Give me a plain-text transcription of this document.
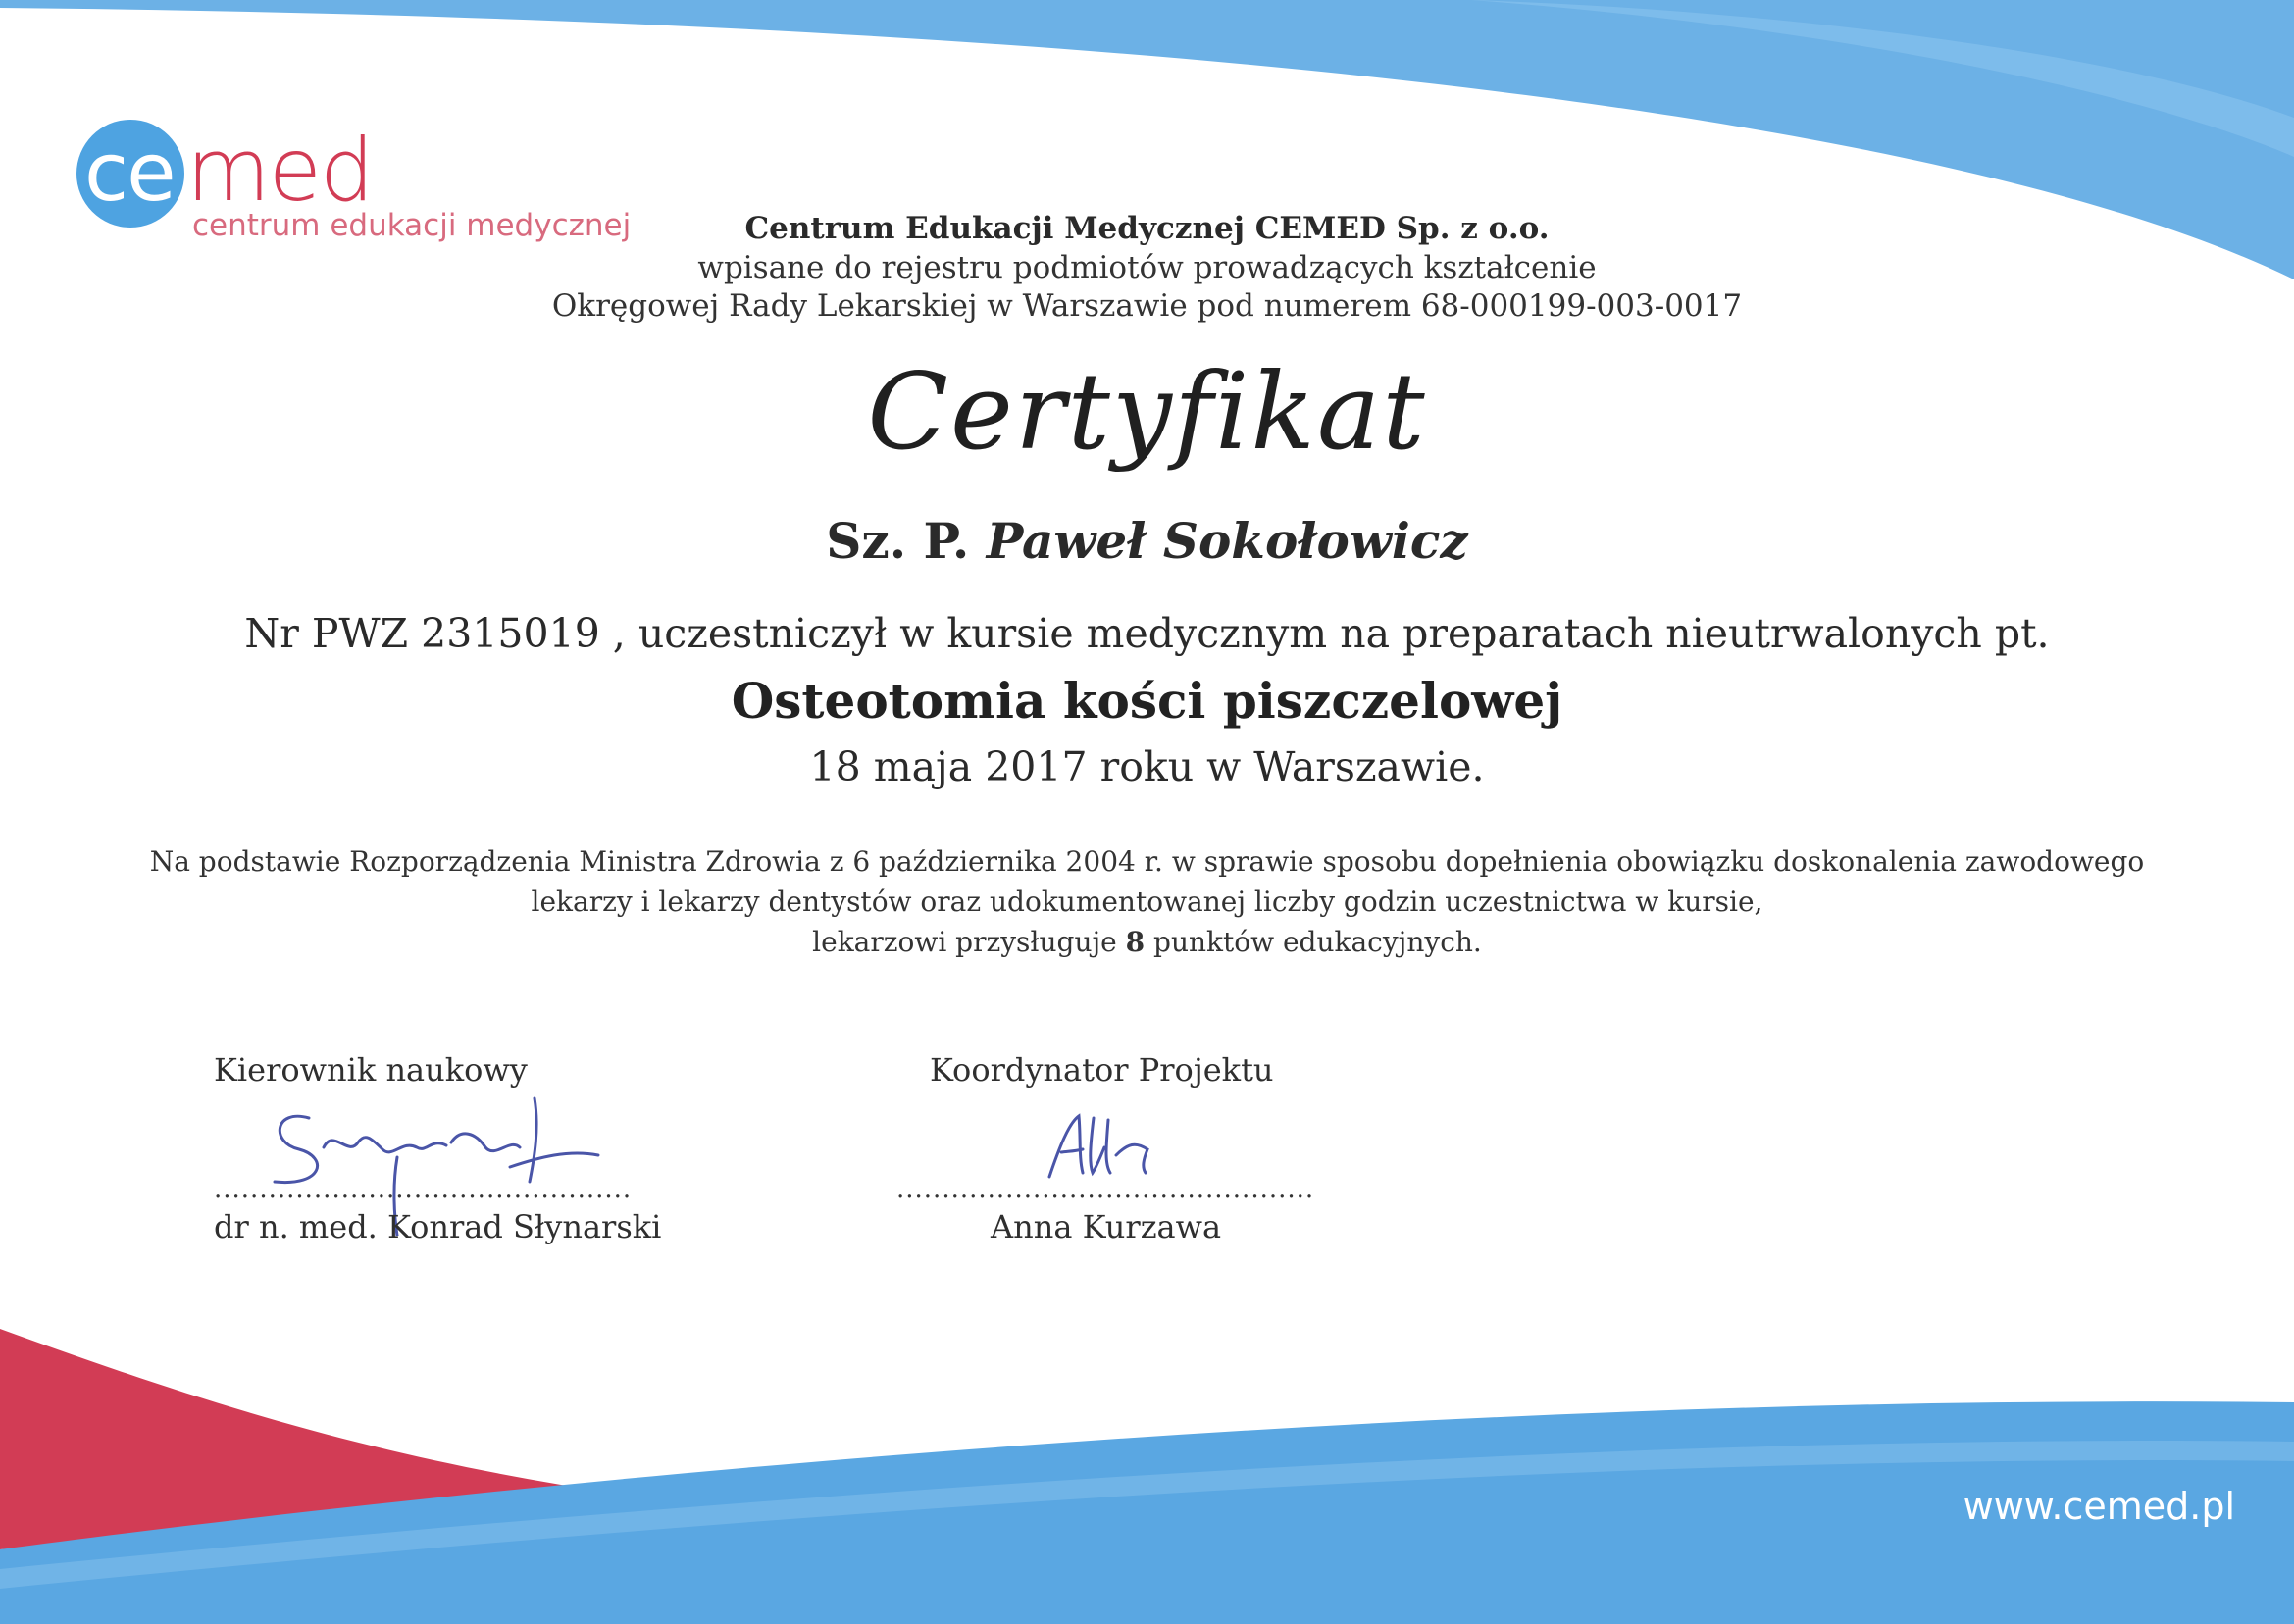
ce med
centrum edukacji medycznej	Centrum Edukacji Medycznej CEMED Sp. z o.o.
wpisane do rejestru podmiotów prowadzących kształcenie
Okręgowej Rady Lekarskiej w Warszawie pod numerem 68-000199-003-0017
Certyfikat
Sz. P. Paweł Sokołowicz
Nr PWZ 2315019 , uczestniczył w kursie medycznym na preparatach nieutrwalonych pt.
Osteotomia kości piszczelowej
18 maja 2017 roku w Warszawie.
Na podstawie Rozporządzenia Ministra Zdrowia z 6 października 2004 r. w sprawie sposobu dopełnienia obowiązku doskonalenia zawodowego
lekarzy i lekarzy dentystów oraz udokumentowanej liczby godzin uczestnictwa w kursie,
lekarzowi przysługuje 8 punktów edukacyjnych.
Kierownik naukowy	Koordynator Projektu
..............................................	..............................................
dr n. med. Konrad Słynarski	Anna Kurzawa
www.cemed.pl
